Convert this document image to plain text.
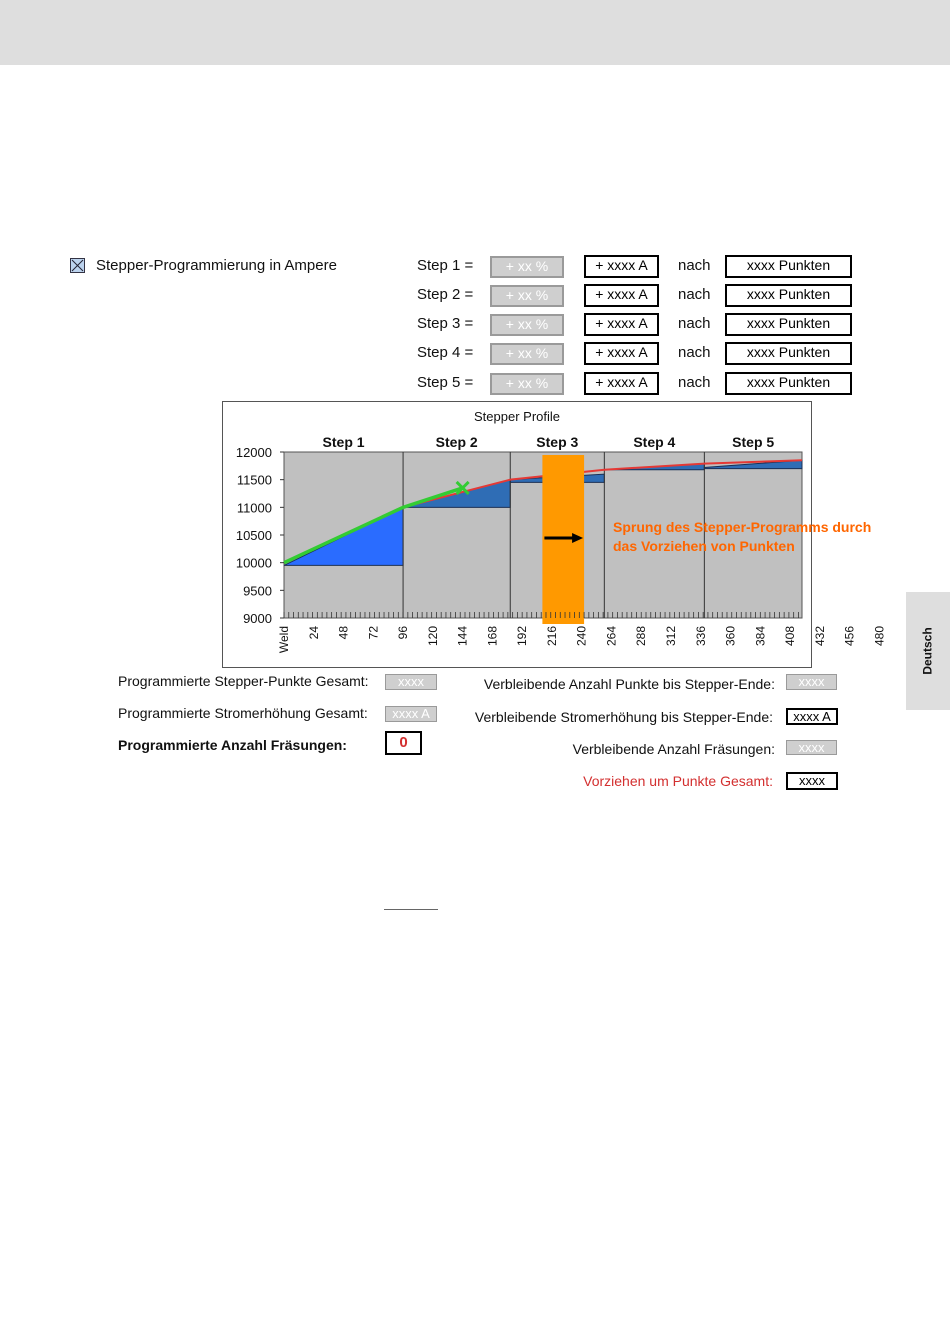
Deutsch
Stepper-Programmierung in Ampere	Step 1 =	+ xx %	+ xxxx A	nach	xxxx Punkten
Step 2 =	+ xx %	+ xxxx A	nach	xxxx Punkten
Step 3 =	+ xx %	+ xxxx A	nach	xxxx Punkten
Step 4 =	+ xx %	+ xxxx A	nach	xxxx Punkten
Step 5 =	+ xx %	+ xxxx A	nach	xxxx Punkten
Stepper Profile
Step 1	Step 2	Step 3	Step 4	Step 5
9000
9500
10000
10500
11000
11500
12000
Weld 24 48 72 96 120 144 168 192 216 240 264 288 312 336 360 384 408 432 456 480
Sprung des Stepper-Programms durch
das Vorziehen von Punkten
Programmierte Stepper-Punkte Gesamt:	xxxx
Programmierte Stromerhöhung Gesamt:	xxxx A
Programmierte Anzahl Fräsungen:	0
Verbleibende Anzahl Punkte bis Stepper-Ende:	xxxx
Verbleibende Stromerhöhung bis Stepper-Ende:	xxxx A
Verbleibende Anzahl Fräsungen:	xxxx
Vorziehen um Punkte Gesamt:	xxxx
